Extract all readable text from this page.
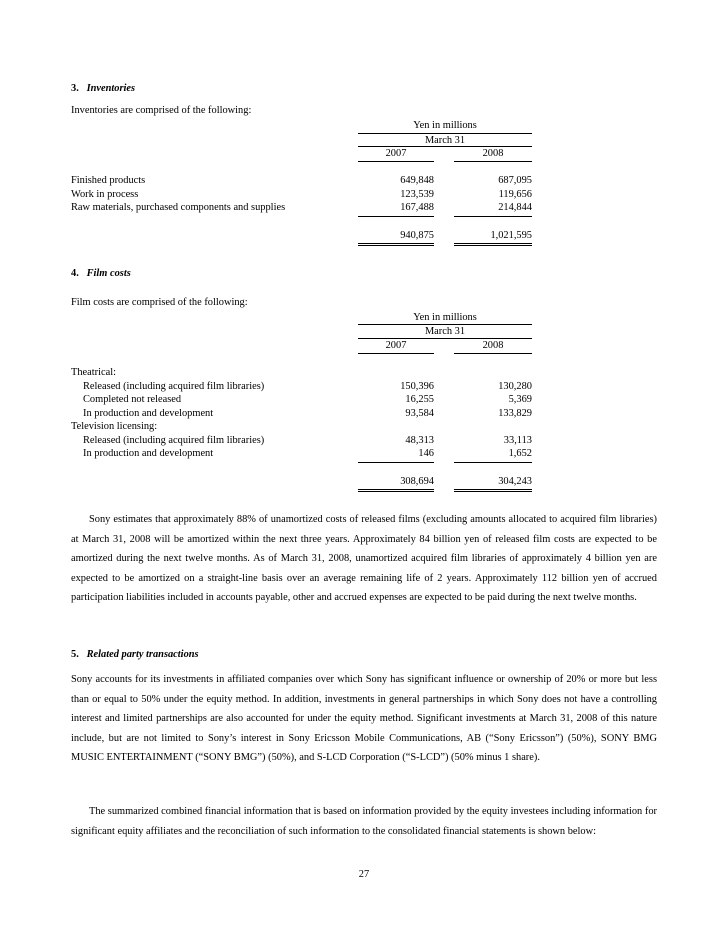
3. Inventories
Inventories are comprised of the following:
Yen in millions
March 31
2007	2008
Finished products	649,848	687,095
Work in process	123,539	119,656
Raw materials, purchased components and supplies	167,488	214,844
940,875	1,021,595
4. Film costs
Film costs are comprised of the following:
Yen in millions
March 31
2007	2008
Theatrical:
Released (including acquired film libraries)	150,396	130,280
Completed not released	16,255	5,369
In production and development	93,584	133,829
Television licensing:
Released (including acquired film libraries)	48,313	33,113
In production and development	146	1,652
308,694	304,243
Sony estimates that approximately 88% of unamortized costs of released films (excluding amounts allocated to acquired film libraries) at March 31, 2008 will be amortized within the next three years. Approximately 84 billion yen of released film costs are expected to be amortized during the next twelve months. As of March 31, 2008, unamortized acquired film libraries of approximately 4 billion yen are expected to be amortized on a straight-line basis over an average remaining life of 2 years. Approximately 112 billion yen of accrued participation liabilities included in accounts payable, other and accrued expenses are expected to be paid during the next twelve months.
5. Related party transactions
Sony accounts for its investments in affiliated companies over which Sony has significant influence or ownership of 20% or more but less than or equal to 50% under the equity method. In addition, investments in general partnerships in which Sony does not have a controlling interest and limited partnerships are also accounted for under the equity method. Significant investments at March 31, 2008 of this nature include, but are not limited to Sony’s interest in Sony Ericsson Mobile Communications, AB (“Sony Ericsson”) (50%), SONY BMG MUSIC ENTERTAINMENT (“SONY BMG”) (50%), and S-LCD Corporation (“S-LCD”) (50% minus 1 share).
The summarized combined financial information that is based on information provided by the equity investees including information for significant equity affiliates and the reconciliation of such information to the consolidated financial statements is shown below:
27
